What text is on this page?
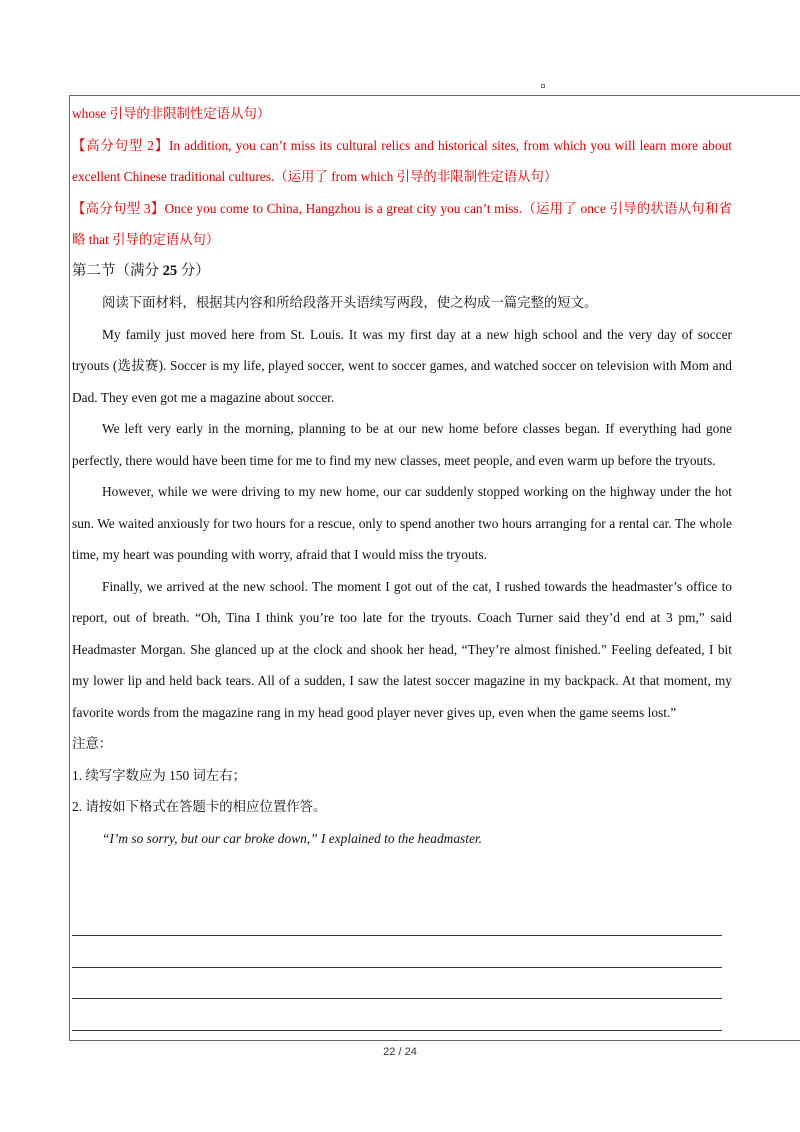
whose 引导的非限制性定语从句）

【高分句型 2】In addition, you can’t miss its cultural relics and historical sites, from which you will learn more about excellent Chinese traditional cultures.（运用了 from which 引导的非限制性定语从句）

【高分句型 3】Once you come to China, Hangzhou is a great city you can’t miss.（运用了 once 引导的状语从句和省略 that 引导的定语从句）

第二节（满分 25 分）

阅读下面材料，根据其内容和所给段落开头语续写两段，使之构成一篇完整的短文。

My family just moved here from St. Louis. It was my first day at a new high school and the very day of soccer tryouts (选拔赛). Soccer is my life, played soccer, went to soccer games, and watched soccer on television with Mom and Dad. They even got me a magazine about soccer.

We left very early in the morning, planning to be at our new home before classes began. If everything had gone perfectly, there would have been time for me to find my new classes, meet people, and even warm up before the tryouts.

However, while we were driving to my new home, our car suddenly stopped working on the highway under the hot sun. We waited anxiously for two hours for a rescue, only to spend another two hours arranging for a rental car. The whole time, my heart was pounding with worry, afraid that I would miss the tryouts.

Finally, we arrived at the new school. The moment I got out of the cat, I rushed towards the headmaster’s office to report, out of breath. “Oh, Tina I think you’re too late for the tryouts. Coach Turner said they’d end at 3 pm,” said Headmaster Morgan. She glanced up at the clock and shook her head, “They’re almost finished.” Feeling defeated, I bit my lower lip and held back tears. All of a sudden, I saw the latest soccer magazine in my backpack. At that moment, my favorite words from the magazine rang in my head good player never gives up, even when the game seems lost.”

注意：

1. 续写字数应为 150 词左右；

2. 请按如下格式在答题卡的相应位置作答。

“I’m so sorry, but our car broke down,” I explained to the headmaster.

22 / 24
